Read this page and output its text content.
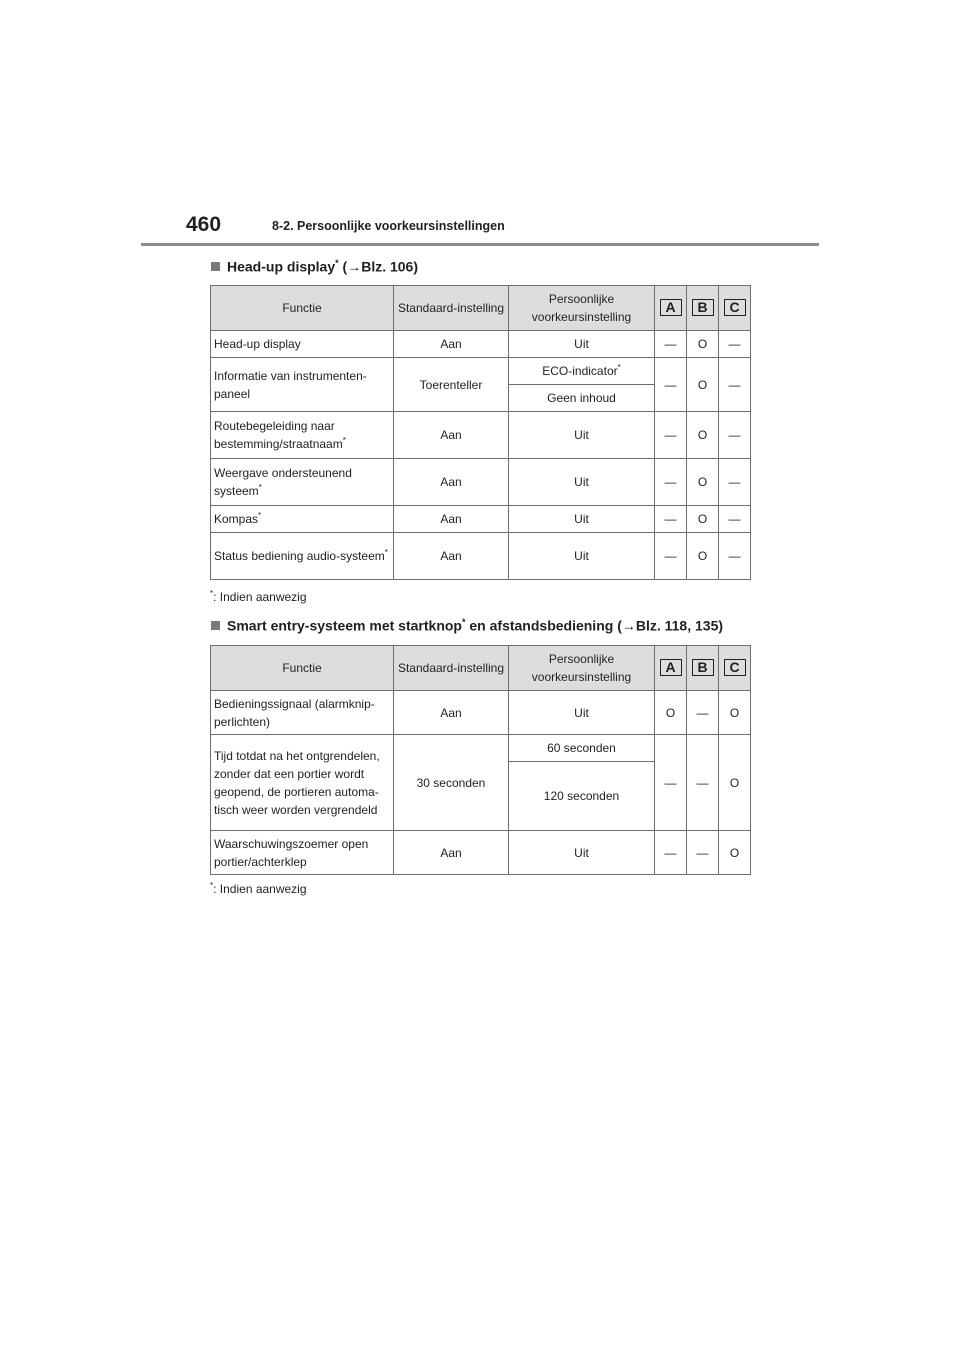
460	8-2. Persoonlijke voorkeursinstellingen
Head-up display* (→Blz. 106)
Functie	Standaard-instelling	Persoonlijke voorkeursinstelling	A	B	C
Head-up display	Aan	Uit	—	O	—
Informatie van instrumenten-paneel	Toerenteller	ECO-indicator*	—	O	—
		Geen inhoud			
Routebegeleiding naar bestemming/straatnaam*	Aan	Uit	—	O	—
Weergave ondersteunend systeem*	Aan	Uit	—	O	—
Kompas*	Aan	Uit	—	O	—
Status bediening audio-systeem*	Aan	Uit	—	O	—
*: Indien aanwezig
Smart entry-systeem met startknop* en afstandsbediening (→Blz. 118, 135)
Functie	Standaard-instelling	Persoonlijke voorkeursinstelling	A	B	C
Bedieningssignaal (alarmknip-perlichten)	Aan	Uit	O	—	O
Tijd totdat na het ontgrendelen, zonder dat een portier wordt geopend, de portieren automa-tisch weer worden vergrendeld	30 seconden	60 seconden	—	—	O
		120 seconden			
Waarschuwingszoemer open portier/achterklep	Aan	Uit	—	—	O
*: Indien aanwezig
